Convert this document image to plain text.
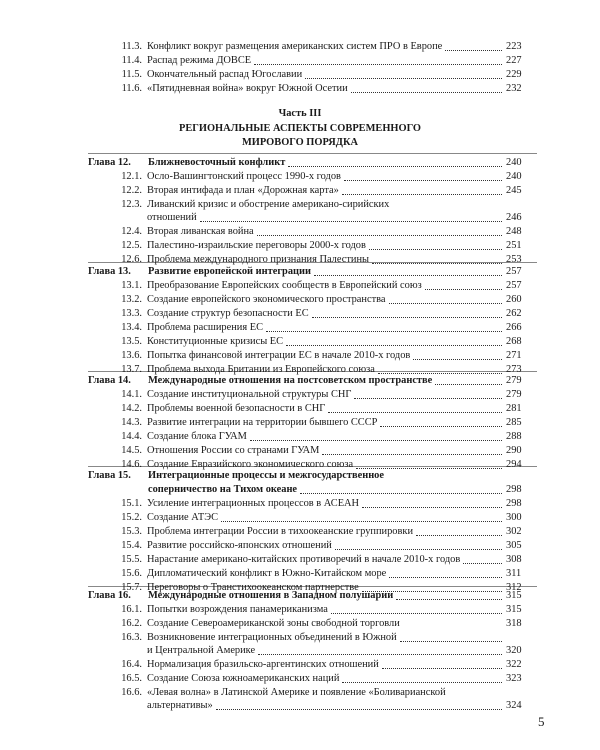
Часть III
РЕГИОНАЛЬНЫЕ АСПЕКТЫ СОВРЕМЕННОГО
МИРОВОГО ПОРЯДКА
11.3. Конфликт вокруг размещения американских систем ПРО в Европе	223
11.4. Распад режима ДОВСЕ	227
11.5. Окончательный распад Югославии	229
11.6. «Пятидневная война» вокруг Южной Осетии	232
Глава 12.	Ближневосточный конфликт	240
12.1. Осло-Вашингтонский процесс 1990-х годов	240
12.2. Вторая интифада и план «Дорожная карта»	245
12.3. Ливанский кризис и обострение американо-сирийских
отношений	246
12.4. Вторая ливанская война	248
12.5. Палестино-израильские переговоры 2000-х годов	251
12.6. Проблема международного признания Палестины	253
Глава 13.	Развитие европейской интеграции	257
13.1. Преобразование Европейских сообществ в Европейский союз	257
13.2. Создание европейского экономического пространства	260
13.3. Создание структур безопасности ЕС	262
13.4. Проблема расширения ЕС	266
13.5. Конституционные кризисы ЕС	268
13.6. Попытка финансовой интеграции ЕС в начале 2010-х годов	271
13.7. Проблема выхода Британии из Европейского союза	273
Глава 14.	Международные отношения на постсоветском пространстве	279
14.1. Создание институциональной структуры СНГ	279
14.2. Проблемы военной безопасности в СНГ	281
14.3. Развитие интеграции на территории бывшего СССР	285
14.4. Создание блока ГУАМ	288
14.5. Отношения России со странами ГУАМ	290
14.6. Создание Евразийского экономического союза	294
Глава 15.	Интеграционные процессы и межгосударственное
соперничество на Тихом океане	298
15.1. Усиление интеграционных процессов в АСЕАН	298
15.2. Создание АТЭС	300
15.3. Проблема интеграции России в тихоокеанские группировки	302
15.4. Развитие российско-японских отношений	305
15.5. Нарастание американо-китайских противоречий в начале 2010-х годов	308
15.6. Дипломатический конфликт в Южно-Китайском море	311
15.7. Переговоры о Транстихоокеанском партнерстве	312
Глава 16.	Международные отношения в Западном полушарии	315
16.1. Попытки возрождения панамериканизма	315
16.2. Создание Североамериканской зоны свободной торговли	318
16.3. Возникновение интеграционных объединений в Южной
и Центральной Америке	320
16.4. Нормализация бразильско-аргентинских отношений	322
16.5. Создание Союза южноамериканских наций	323
16.6. «Левая волна» в Латинской Америке и появление «Боливарианской
альтернативы»	324
5
